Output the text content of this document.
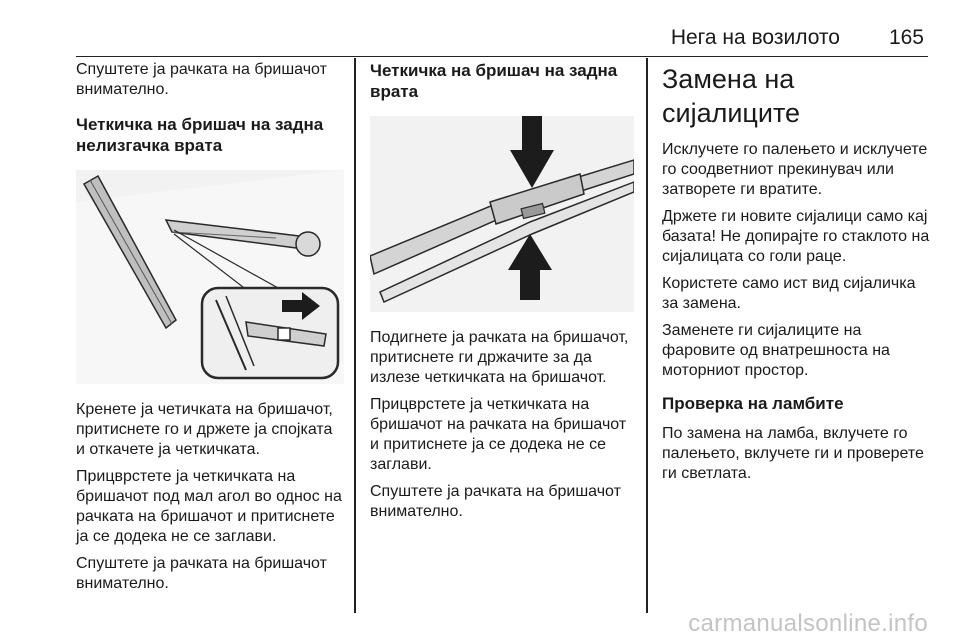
Нега на возилото 165

Спуштете ја рачката на бришачот внимателно.

Четкичка на бришач на задна нелизгачка врата

Кренете ја четичката на бришачот, притиснете го и држете ја спојката и откачете ја четкичката.

Прицврстете ја четкичката на бришачот под мал агол во однос на рачката на бришачот и притиснете ја се додека не се заглави.

Спуштете ја рачката на бришачот внимателно.

Четкичка на бришач на задна врата

Подигнете ја рачката на бришачот, притиснете ги држачите за да излезе четкичката на бришачот.

Прицврстете ја четкичката на бришачот на рачката на бришачот и притиснете ја се додека не се заглави.

Спуштете ја рачката на бришачот внимателно.

Замена на сијалиците

Исклучете го палењето и исклучете го соодветниот прекинувач или затворете ги вратите.

Држете ги новите сијалици само кај базата! Не допирајте го стаклото на сијалицата со голи раце.

Користете само ист вид сијаличка за замена.

Заменете ги сијалиците на фаровите од внатрешноста на моторниот простор.

Проверка на ламбите

По замена на ламба, вклучете го палењето, вклучете ги и проверете ги светлата.

carmanualsonline.info
